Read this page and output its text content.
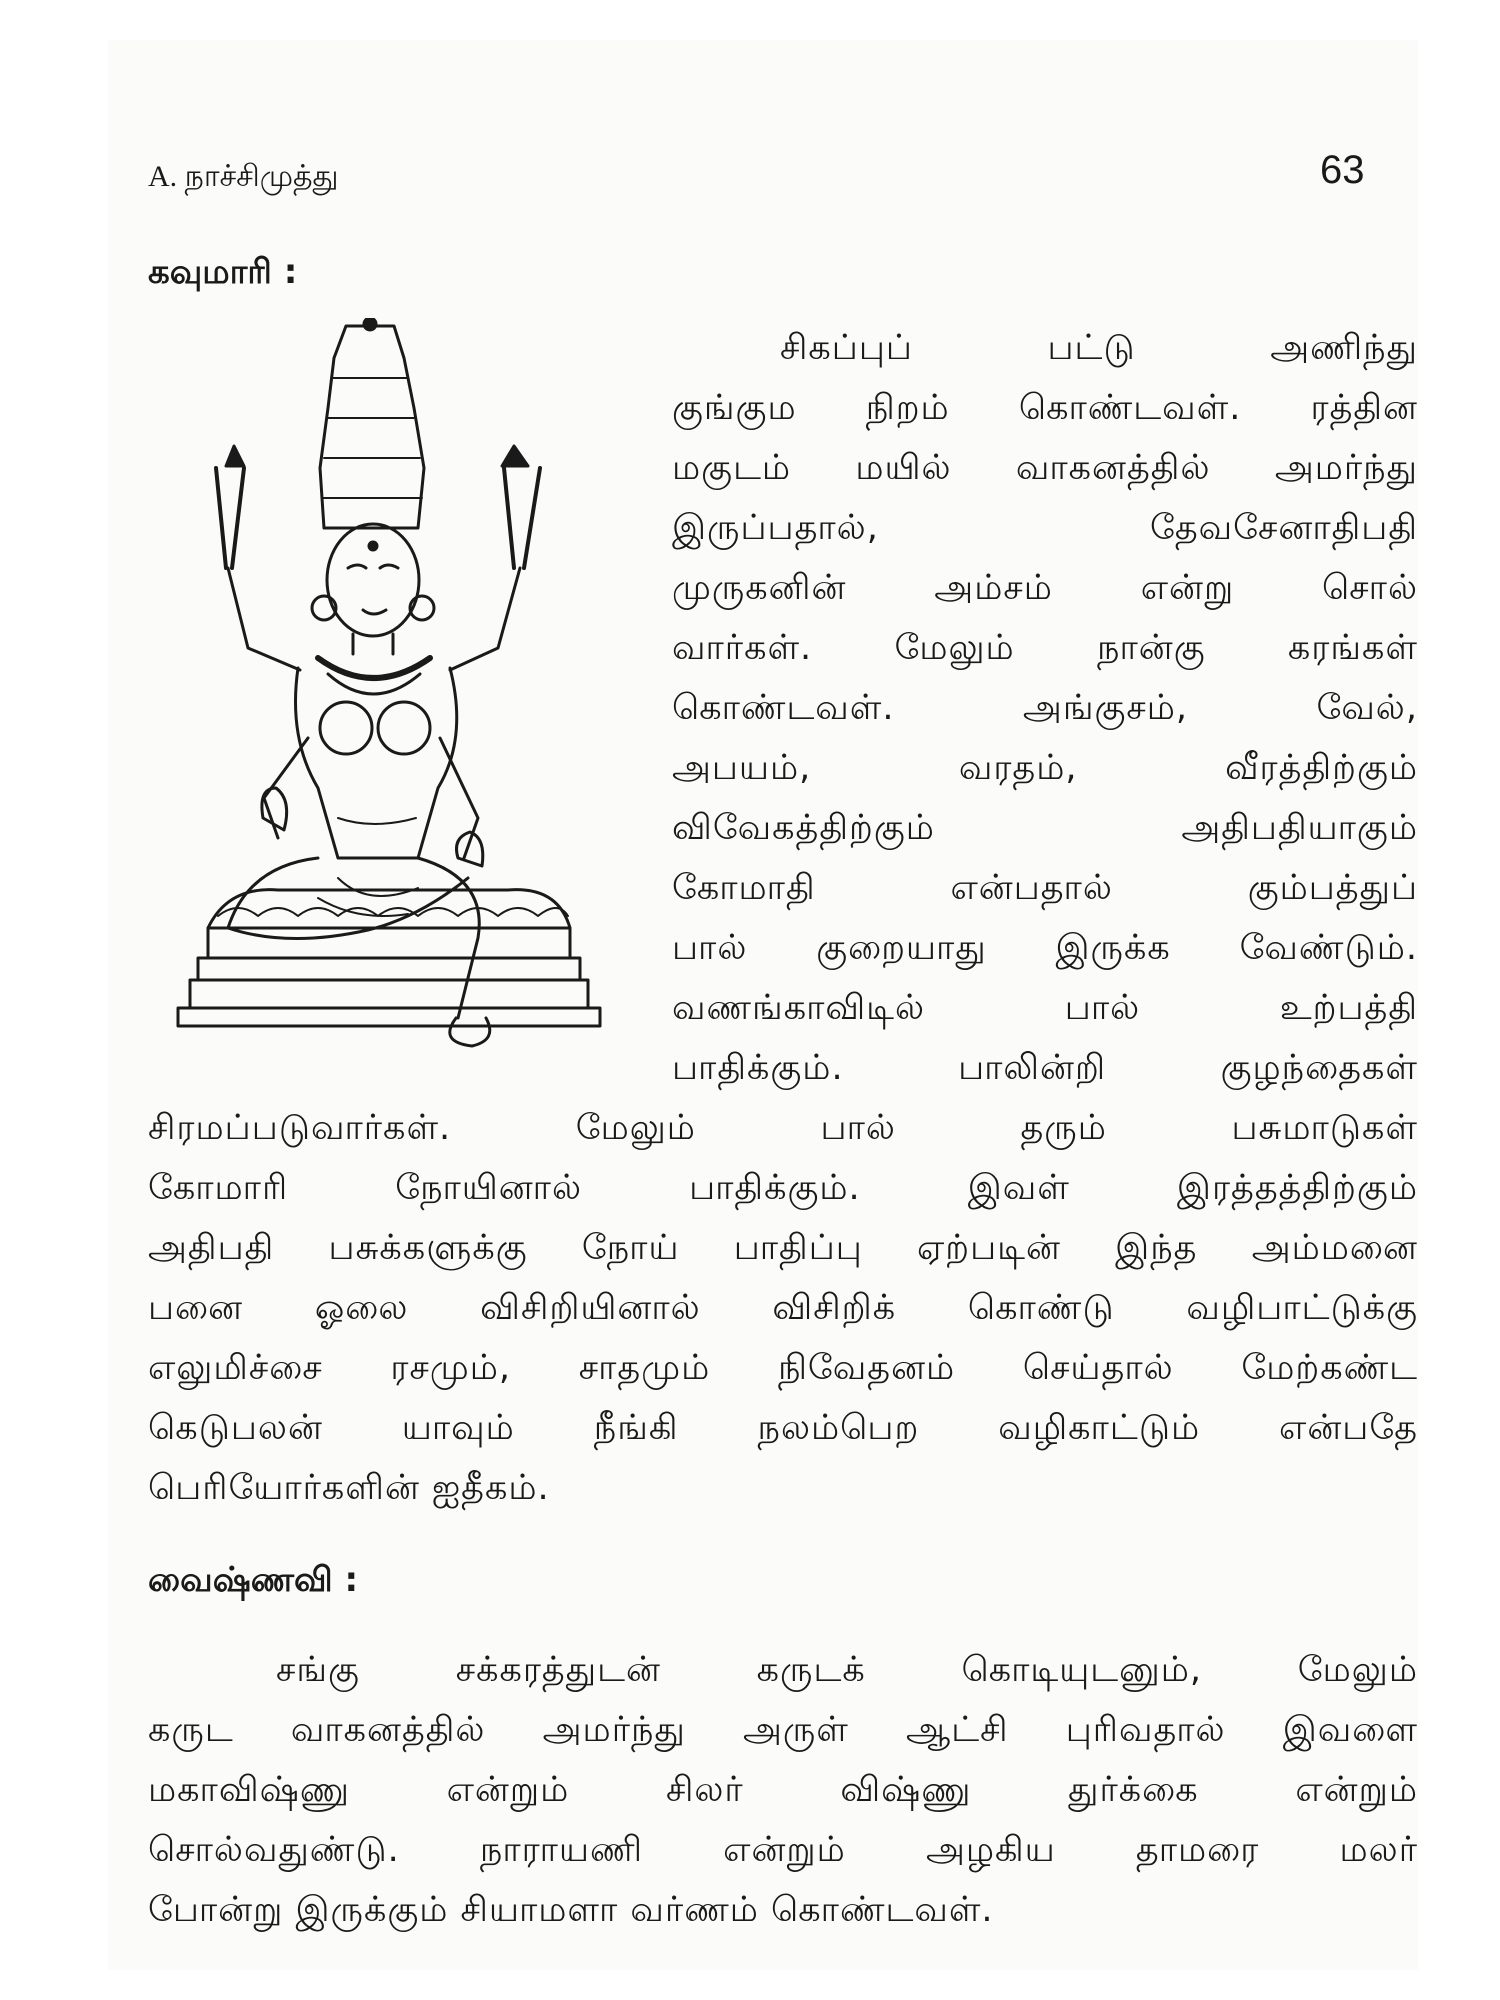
A. நாச்சிமுத்து	63
கவுமாரி :
சிகப்புப் பட்டு அணிந்து
குங்கும நிறம் கொண்டவள். ரத்தின
மகுடம் மயில் வாகனத்தில் அமர்ந்து
இருப்பதால், தேவசேனாதிபதி
முருகனின் அம்சம் என்று சொல்
வார்கள். மேலும் நான்கு கரங்கள்
கொண்டவள். அங்குசம், வேல்,
அபயம், வரதம், வீரத்திற்கும்
விவேகத்திற்கும் அதிபதியாகும்
கோமாதி என்பதால் கும்பத்துப்
பால் குறையாது இருக்க வேண்டும்.
வணங்காவிடில் பால் உற்பத்தி
பாதிக்கும். பாலின்றி குழந்தைகள்
சிரமப்படுவார்கள். மேலும் பால் தரும் பசுமாடுகள்
கோமாரி நோயினால் பாதிக்கும். இவள் இரத்தத்திற்கும்
அதிபதி பசுக்களுக்கு நோய் பாதிப்பு ஏற்படின் இந்த அம்மனை
பனை ஓலை விசிறியினால் விசிறிக் கொண்டு வழிபாட்டுக்கு
எலுமிச்சை ரசமும், சாதமும் நிவேதனம் செய்தால் மேற்கண்ட
கெடுபலன் யாவும் நீங்கி நலம்பெற வழிகாட்டும் என்பதே
பெரியோர்களின் ஐதீகம்.
வைஷ்ணவி :
சங்கு சக்கரத்துடன் கருடக் கொடியுடனும், மேலும்
கருட வாகனத்தில் அமர்ந்து அருள் ஆட்சி புரிவதால் இவளை
மகாவிஷ்ணு என்றும் சிலர் விஷ்ணு துர்க்கை என்றும்
சொல்வதுண்டு. நாராயணி என்றும் அழகிய தாமரை மலர்
போன்று இருக்கும் சியாமளா வர்ணம் கொண்டவள்.
